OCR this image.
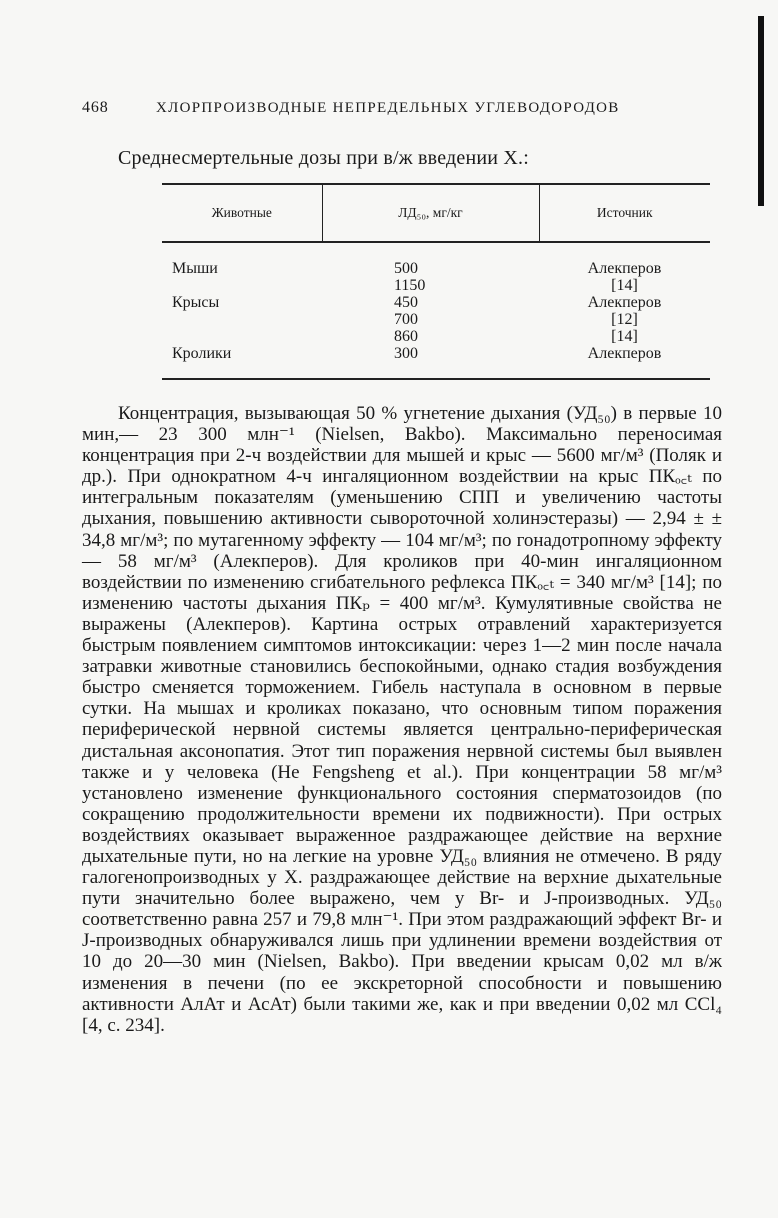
468	ХЛОРПРОИЗВОДНЫЕ НЕПРЕДЕЛЬНЫХ УГЛЕВОДОРОДОВ
Среднесмертельные дозы при в/ж введении X.:
Животные	ЛД₅₀, мг/кг	Источник
Мыши	500	Алекперов
	1150	[14]
Крысы	450	Алекперов
	700	[12]
	860	[14]
Кролики	300	Алекперов

Концентрация, вызывающая 50 % угнетение дыхания (УД₅₀) в первые 10 мин,— 23 300 млн⁻¹ (Nielsen, Bakbo). Максимально переносимая концентрация при 2-ч воздействии для мышей и крыс — 5600 мг/м³ (Поляк и др.). При однократном 4-ч ингаляционном воздействии на крыс ПКₒ꜀ₜ по интегральным показателям (уменьшению СПП и увеличению частоты дыхания, повышению активности сывороточной холинэстеразы) — 2,94 ± ± 34,8 мг/м³; по мутагенному эффекту — 104 мг/м³; по гонадотропному эффекту — 58 мг/м³ (Алекперов). Для кроликов при 40-мин ингаляционном воздействии по изменению сгибательного рефлекса ПКₒ꜀ₜ = 340 мг/м³ [14]; по изменению частоты дыхания ПКₚ = 400 мг/м³. Кумулятивные свойства не выражены (Алекперов). Картина острых отравлений характеризуется быстрым появлением симптомов интоксикации: через 1—2 мин после начала затравки животные становились беспокойными, однако стадия возбуждения быстро сменяется торможением. Гибель наступала в основном в первые сутки. На мышах и кроликах показано, что основным типом поражения периферической нервной системы является центрально-периферическая дистальная аксонопатия. Этот тип поражения нервной системы был выявлен также и у человека (He Fengsheng et al.). При концентрации 58 мг/м³ установлено изменение функционального состояния сперматозоидов (по сокращению продолжительности времени их подвижности). При острых воздействиях оказывает выраженное раздражающее действие на верхние дыхательные пути, но на легкие на уровне УД₅₀ влияния не отмечено. В ряду галогенопроизводных у X. раздражающее действие на верхние дыхательные пути значительно более выражено, чем у Br- и J-производных. УД₅₀ соответственно равна 257 и 79,8 млн⁻¹. При этом раздражающий эффект Br- и J-производных обнаруживался лишь при удлинении времени воздействия от 10 до 20—30 мин (Nielsen, Bakbo). При введении крысам 0,02 мл в/ж изменения в печени (по ее экскреторной способности и повышению активности АлАт и АсАт) были такими же, как и при введении 0,02 мл CCl₄ [4, с. 234].
